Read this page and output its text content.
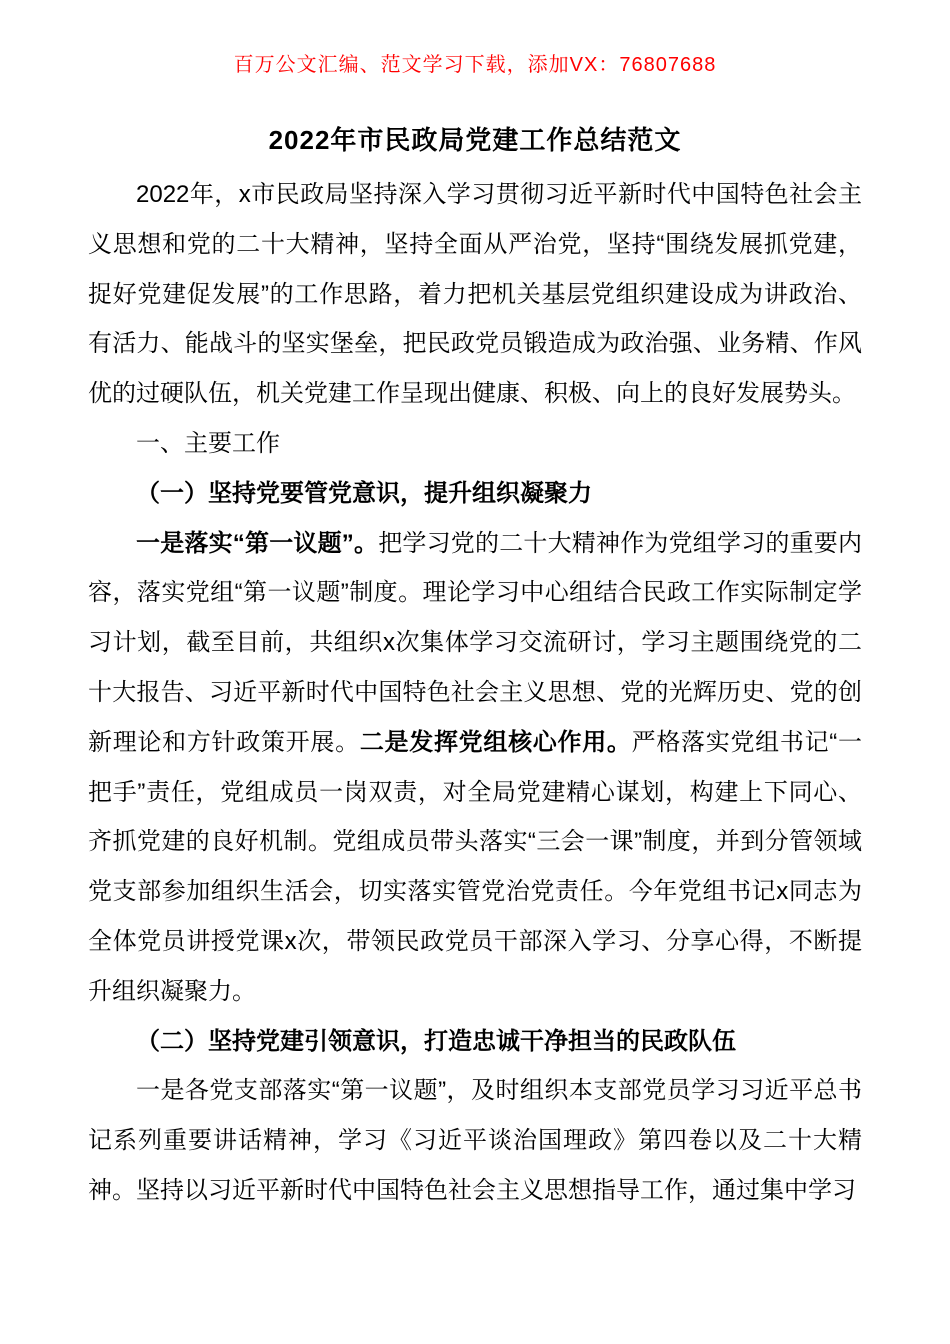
百万公文汇编、范文学习下载，添加VX：76807688
2022年市民政局党建工作总结范文

2022年，x市民政局坚持深入学习贯彻习近平新时代中国特色社会主义思想和党的二十大精神，坚持全面从严治党，坚持“围绕发展抓党建，捉好党建促发展”的工作思路，着力把机关基层党组织建设成为讲政治、有活力、能战斗的坚实堡垒，把民政党员锻造成为政治强、业务精、作风优的过硬队伍，机关党建工作呈现出健康、积极、向上的良好发展势头。

一、主要工作

（一）坚持党要管党意识，提升组织凝聚力

一是落实“第一议题”。把学习党的二十大精神作为党组学习的重要内容，落实党组“第一议题”制度。理论学习中心组结合民政工作实际制定学习计划，截至目前，共组织x次集体学习交流研讨，学习主题围绕党的二十大报告、习近平新时代中国特色社会主义思想、党的光辉历史、党的创新理论和方针政策开展。二是发挥党组核心作用。严格落实党组书记“一把手”责任，党组成员一岗双责，对全局党建精心谋划，构建上下同心、齐抓党建的良好机制。党组成员带头落实“三会一课”制度，并到分管领域党支部参加组织生活会，切实落实管党治党责任。今年党组书记x同志为全体党员讲授党课x次，带领民政党员干部深入学习、分享心得，不断提升组织凝聚力。

（二）坚持党建引领意识，打造忠诚干净担当的民政队伍

一是各党支部落实“第一议题”，及时组织本支部党员学习习近平总书记系列重要讲话精神，学习《习近平谈治国理政》第四卷以及二十大精神。坚持以习近平新时代中国特色社会主义思想指导工作，通过集中学习
